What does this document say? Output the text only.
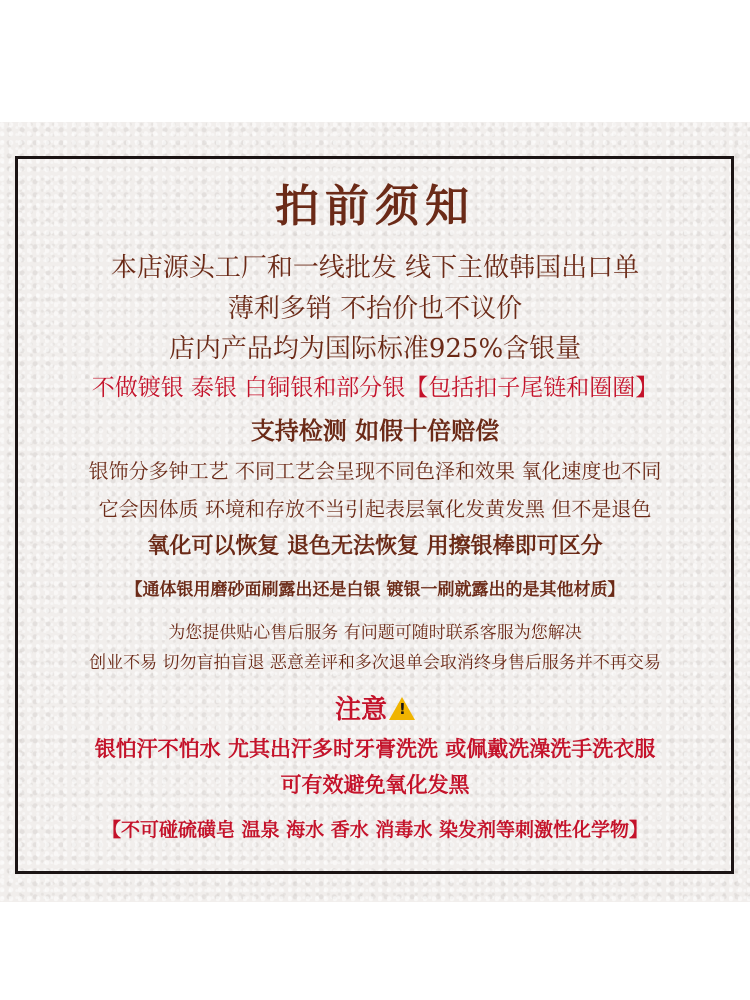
拍前须知
本店源头工厂和一线批发 线下主做韩国出口单
薄利多销 不抬价也不议价
店内产品均为国际标准925%含银量
不做镀银 泰银 白铜银和部分银【包括扣子尾链和圈圈】
支持检测 如假十倍赔偿
银饰分多钟工艺 不同工艺会呈现不同色泽和效果 氧化速度也不同
它会因体质 环境和存放不当引起表层氧化发黄发黑 但不是退色
氧化可以恢复 退色无法恢复 用擦银棒即可区分
【通体银用磨砂面刷露出还是白银 镀银一刷就露出的是其他材质】
为您提供贴心售后服务 有问题可随时联系客服为您解决
创业不易 切勿盲拍盲退 恶意差评和多次退单会取消终身售后服务并不再交易
注意!
银怕汗不怕水 尤其出汗多时牙膏洗洗 或佩戴洗澡洗手洗衣服
可有效避免氧化发黑
【不可碰硫磺皂 温泉 海水 香水 消毒水 染发剂等刺激性化学物】
